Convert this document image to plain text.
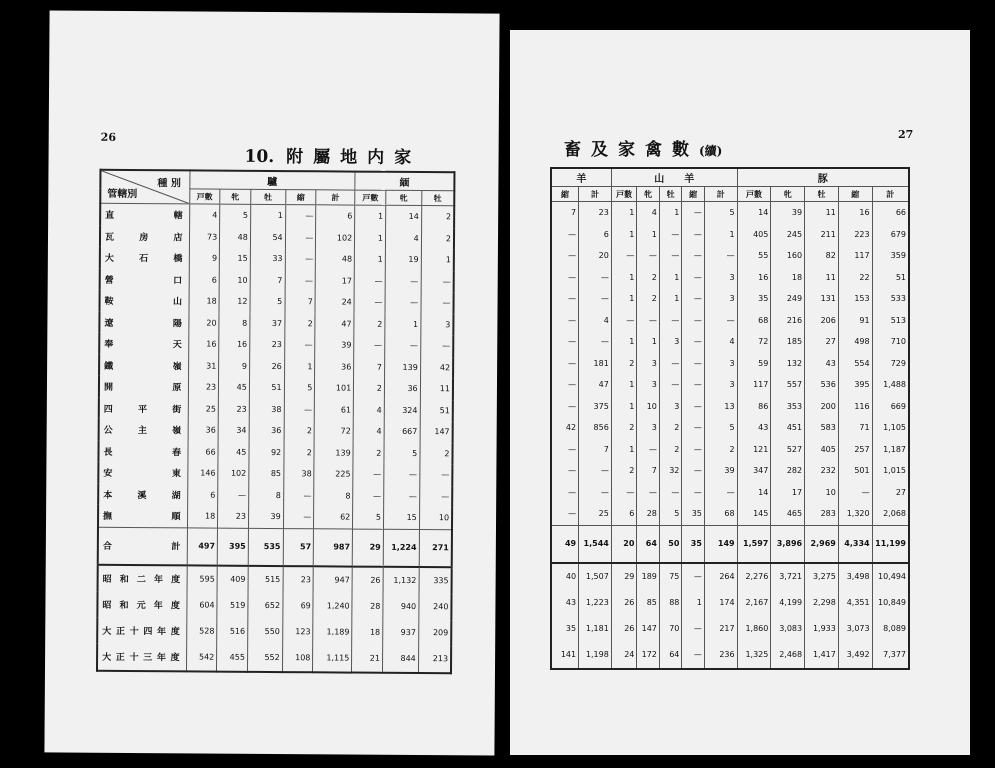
26
10. 附屬地内家
種 別
管轄別	驢					緬		
	戸數	牝	牡	縮	計	戸數	牝	牡
直　轄	4	5	1	—	6	1	14	2
瓦房店	73	48	54	—	102	1	4	2
大石橋	9	15	33	—	48	1	19	1
營口	6	10	7	—	17	—	—	—
鞍山	18	12	5	7	24	—	—	—
遼陽	20	8	37	2	47	2	1	3
奉天	16	16	23	—	39	—	—	—
鐵嶺	31	9	26	1	36	7	139	42
開原	23	45	51	5	101	2	36	11
四平街	25	23	38	—	61	4	324	51
公主嶺	36	34	36	2	72	4	667	147
長春	66	45	92	2	139	2	5	2
安東	146	102	85	38	225	—	—	—
本溪湖	6	—	8	—	8	—	—	—
撫順	18	23	39	—	62	5	15	10
合計	497	395	535	57	987	29	1,224	271
昭和二年度	595	409	515	23	947	26	1,132	335
昭和元年度	604	519	652	69	1,240	28	940	240
大正十四年度	528	516	550	123	1,189	18	937	209
大正十三年度	542	455	552	108	1,115	21	844	213
27
畜及家禽數(續)
羊		山　　羊					豚				
縮	計	戸數	牝	牡	縮	計	戸數	牝	牡	縮	計
7	23	1	4	1	—	5	14	39	11	16	66
—	6	1	1	—	—	1	405	245	211	223	679
—	20	—	—	—	—	—	55	160	82	117	359
—	—	1	2	1	—	3	16	18	11	22	51
—	—	1	2	1	—	3	35	249	131	153	533
—	4	—	—	—	—	—	68	216	206	91	513
—	—	1	1	3	—	4	72	185	27	498	710
—	181	2	3	—	—	3	59	132	43	554	729
—	47	1	3	—	—	3	117	557	536	395	1,488
—	375	1	10	3	—	13	86	353	200	116	669
42	856	2	3	2	—	5	43	451	583	71	1,105
—	7	1	—	2	—	2	121	527	405	257	1,187
—	—	2	7	32	—	39	347	282	232	501	1,015
—	—	—	—	—	—	—	14	17	10	—	27
—	25	6	28	5	35	68	145	465	283	1,320	2,068
49	1,544	20	64	50	35	149	1,597	3,896	2,969	4,334	11,199
40	1,507	29	189	75	—	264	2,276	3,721	3,275	3,498	10,494
43	1,223	26	85	88	1	174	2,167	4,199	2,298	4,351	10,849
35	1,181	26	147	70	—	217	1,860	3,083	1,933	3,073	8,089
141	1,198	24	172	64	—	236	1,325	2,468	1,417	3,492	7,377
